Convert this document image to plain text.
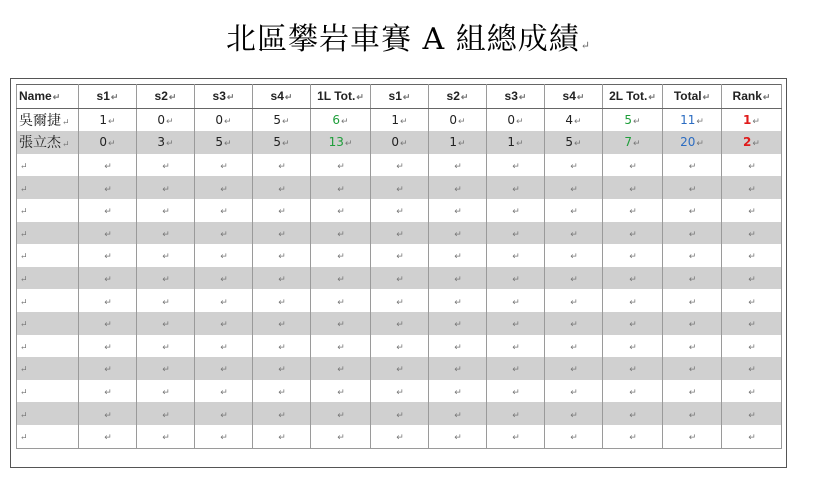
北區攀岩車賽 A 組總成績↵
Name↵	s1↵	s2↵	s3↵	s4↵	1L Tot.↵	s1↵	s2↵	s3↵	s4↵	2L Tot.↵	Total↵	Rank↵
吳爾捷↵	1↵	0↵	0↵	5↵	6↵	1↵	0↵	0↵	4↵	5↵	11↵	1↵
張立杰↵	0↵	3↵	5↵	5↵	13↵	0↵	1↵	1↵	5↵	7↵	20↵	2↵
↵	↵	↵	↵	↵	↵	↵	↵	↵	↵	↵	↵	↵
↵	↵	↵	↵	↵	↵	↵	↵	↵	↵	↵	↵	↵
↵	↵	↵	↵	↵	↵	↵	↵	↵	↵	↵	↵	↵
↵	↵	↵	↵	↵	↵	↵	↵	↵	↵	↵	↵	↵
↵	↵	↵	↵	↵	↵	↵	↵	↵	↵	↵	↵	↵
↵	↵	↵	↵	↵	↵	↵	↵	↵	↵	↵	↵	↵
↵	↵	↵	↵	↵	↵	↵	↵	↵	↵	↵	↵	↵
↵	↵	↵	↵	↵	↵	↵	↵	↵	↵	↵	↵	↵
↵	↵	↵	↵	↵	↵	↵	↵	↵	↵	↵	↵	↵
↵	↵	↵	↵	↵	↵	↵	↵	↵	↵	↵	↵	↵
↵	↵	↵	↵	↵	↵	↵	↵	↵	↵	↵	↵	↵
↵	↵	↵	↵	↵	↵	↵	↵	↵	↵	↵	↵	↵
↵	↵	↵	↵	↵	↵	↵	↵	↵	↵	↵	↵	↵
